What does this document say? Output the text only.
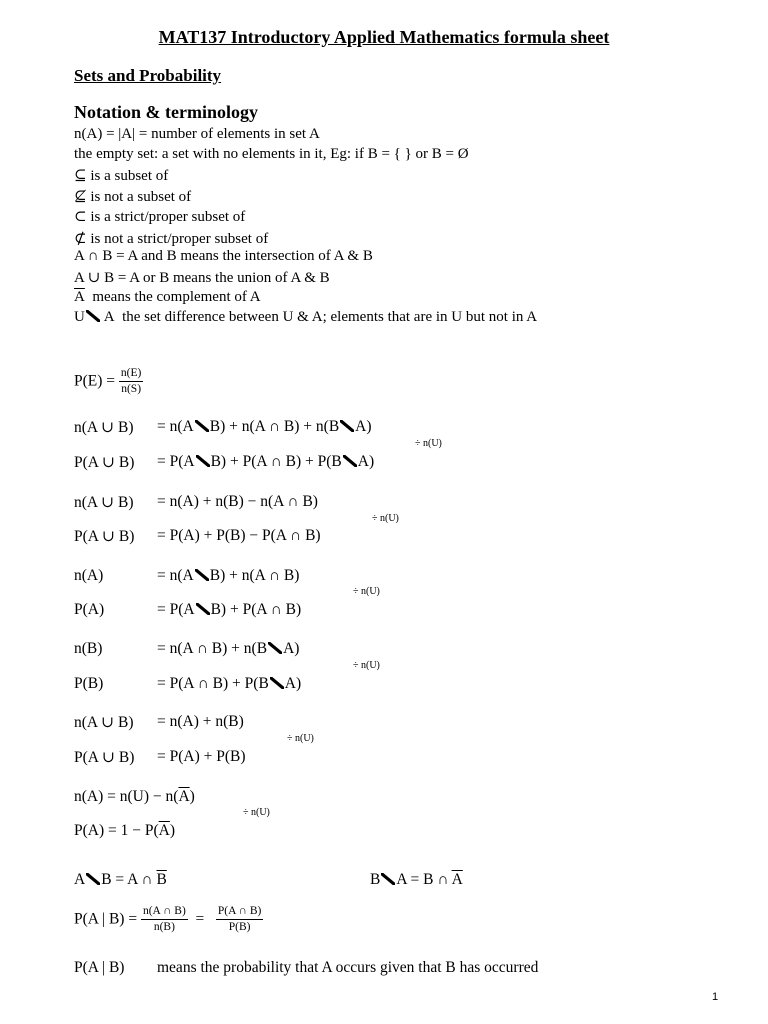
MAT137 Introductory Applied Mathematics formula sheet
Sets and Probability
Notation & terminology
n(A) = |A| = number of elements in set A
the empty set: a set with no elements in it, Eg: if B = { } or B = Ø
⊆ is a subset of
⊈ is not a subset of
⊂ is a strict/proper subset of
⊄ is not a strict/proper subset of
A ∩ B = A and B means the intersection of A & B
A ∪ B = A or B means the union of A & B
$\overline{A}$ means the complement of A
U A the set difference between U & A; elements that are in U but not in A
$P(E) = \frac{n(E)}{n(S)}$
n(A ∪ B) = n(A B) + n(A ∩ B) + n(B A)
÷ n(U)
P(A ∪ B) = P(A B) + P(A ∩ B) + P(B A)
n(A ∪ B) = n(A) + n(B) − n(A ∩ B)
÷ n(U)
P(A ∪ B) = P(A) + P(B) − P(A ∩ B)
n(A)	= n(A B) + n(A ∩ B)
÷ n(U)
P(A)	= P(A B) + P(A ∩ B)
n(B)	= n(A ∩ B) + n(B A)
÷ n(U)
P(B)	= P(A ∩ B) + P(B A)
n(A ∪ B) = n(A) + n(B)
÷ n(U)
P(A ∪ B) = P(A) + P(B)
$n(A) = n(U) - n(\overline{A})$
÷ n(U)
$P(A) = 1 - P(\overline{A})$
A B = A ∩ $\overline{B}$	B A = B ∩ $\overline{A}$
P(A | $B) = \frac{n(A \cap B)}{n(B)} = \frac{P(A \cap B)}{P(B)}$
P(A | B) means the probability that A occurs given that B has occurred
1
